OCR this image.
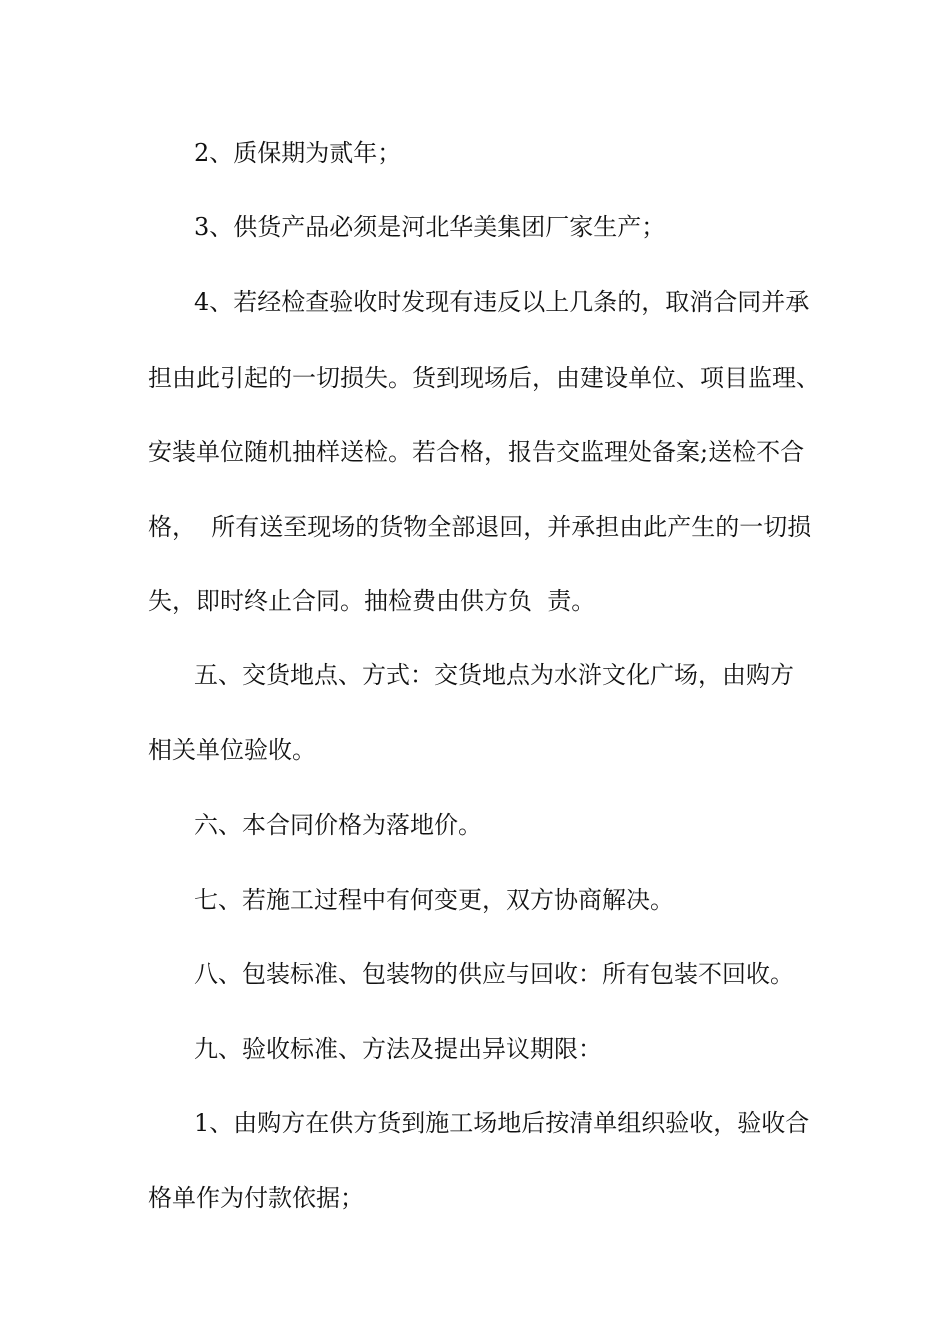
2、质保期为贰年；

3、供货产品必须是河北华美集团厂家生产；

4、若经检查验收时发现有违反以上几条的，取消合同并承

担由此引起的一切损失。货到现场后，由建设单位、项目监理、

安装单位随机抽样送检。若合格，报告交监理处备案;送检不合

格，  所有送至现场的货物全部退回，并承担由此产生的一切损

失，即时终止合同。抽检费由供方负  责。

五、交货地点、方式：交货地点为水浒文化广场，由购方

相关单位验收。

六、本合同价格为落地价。

七、若施工过程中有何变更，双方协商解决。

八、包装标准、包装物的供应与回收：所有包装不回收。

九、验收标准、方法及提出异议期限：

1、由购方在供方货到施工场地后按清单组织验收，验收合

格单作为付款依据；
